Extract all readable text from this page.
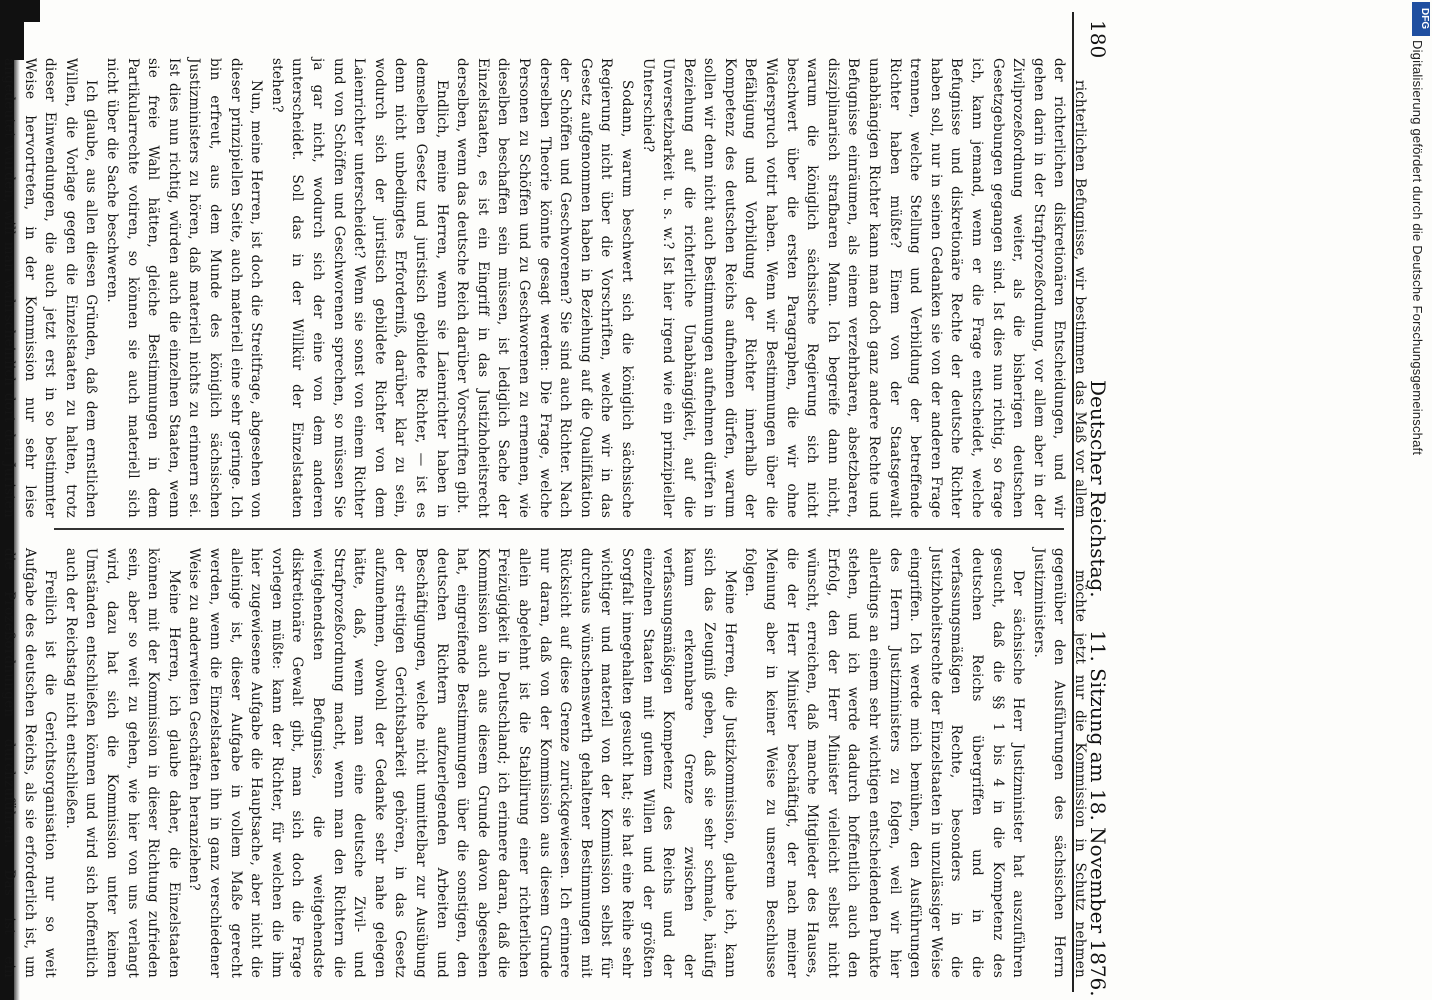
180
Deutscher Reichstag.
11. Sitzung am 18. November 1876.

möchte jetzt nur die Kommission in Schutz nehmen gegenüber den Ausführungen des sächsischen Herrn Justizministers.

Der sächsische Herr Justizminister hat auszuführen gesucht, daß die §§ 1 bis 4 in die Kompetenz des deutschen Reichs übergriffen und in die verfassungsmäßigen Rechte, besonders in die Justizhoheitsrechte der Einzelstaaten in unzulässiger Weise eingriffen. Ich werde mich bemühen, den Ausführungen des Herrn Justizministers zu folgen, weil wir hier allerdings an einem sehr wichtigen entscheidenden Punkte stehen, und ich werde dadurch hoffentlich auch den Erfolg, den der Herr Minister vielleicht selbst nicht wünscht, erreichen, daß manche Mitglieder des Hauses, die der Herr Minister beschäftigt, der nach meiner Meinung aber in keiner Weise zu unserem Beschlusse folgen.

Meine Herren, die Justizkommission, glaube ich, kann sich das Zeugniß geben, daß sie sehr schmale, häufig kaum erkennbare Grenze zwischen der verfassungsmäßigen Kompetenz des Reichs und der einzelnen Staaten mit gutem Willen und der größten Sorgfalt innegehalten gesucht hat; sie hat eine Reihe sehr wichtiger und materiell von der Kommission selbst für durchaus wünschenswerth gehaltener Bestimmungen mit Rücksicht auf diese Grenze zurückgewiesen. Ich erinnere nur daran, daß von der Kommission aus diesem Grunde allein abgelehnt ist die Stabilirung einer richterlichen Freizügigkeit in Deutschland; ich erinnere daran, daß die Kommission auch aus diesem Grunde davon abgesehen hat, eingreifende Bestimmungen über die sonstigen, den deutschen Richtern aufzuerlegenden Arbeiten und Beschäftigungen, welche nicht unmittelbar zur Ausübung der streitigen Gerichtsbarkeit gehören, in das Gesetz aufzunehmen, obwohl der Gedanke sehr nahe gelegen hätte, daß, wenn man eine deutsche Zivil- und Strafprozeßordnung macht, wenn man den Richtern die weitgehendsten Befugnisse, die weitgehendste diskretionäre Gewalt gibt, man sich doch die Frage vorlegen müßte: kann der Richter, für welchen die ihm hier zugewiesene Aufgabe die Hauptsache, aber nicht die alleinige ist, dieser Aufgabe in vollem Maße gerecht werden, wenn die Einzelstaaten ihn in ganz verschiedener Weise zu anderweiten Geschäften heranziehen?

Meine Herren, ich glaube daher, die Einzelstaaten können mit der Kommission in dieser Richtung zufrieden sein, aber so weit zu gehen, wie hier von uns verlangt wird, dazu hat sich die Kommission unter keinen Umständen entschließen können und wird sich hoffentlich auch der Reichstag nicht entschließen.

Freilich ist die Gerichtsorganisation nur so weit Aufgabe des deutschen Reichs, als sie erforderlich ist, um die Prozeßordnungen durchzuführen. Das ist ein

richterlichen Befugnisse, wir bestimmen das Maß vor allem der richterlichen diskretionären Entscheidungen, und wir gehen darin in der Strafprozeßordnung, vor allem aber in der Zivilprozeßordnung weiter, als die bisherigen deutschen Gesetzgebungen gegangen sind. Ist dies nun richtig, so frage ich, kann jemand, wenn er die Frage entscheidet, welche Befugnisse und diskretionäre Rechte der deutsche Richter haben soll, nur in seinen Gedanken sie von der anderen Frage trennen, welche Stellung und Verbildung der betreffende Richter haben müßte? Einem von der Staatsgewalt unabhängigen Richter kann man doch ganz andere Rechte und Befugnisse einräumen, als einem verzehrbaren, absetzbaren, disziplinarisch strafbaren Mann. Ich begreife dann nicht, warum die königlich sächsische Regierung sich nicht beschwert über die ersten Paragraphen, die wir ohne Widerspruch votirt haben. Wenn wir Bestimmungen über die Befähigung und Vorbildung der Richter innerhalb der Kompetenz des deutschen Reichs aufnehmen dürfen, warum sollen wir denn nicht auch Bestimmungen aufnehmen dürfen in Beziehung auf die richterliche Unabhängigkeit, auf die Unversetzbarkeit u. s. w.? Ist hier irgend wie ein prinzipieller Unterschied?

Sodann, warum beschwert sich die königlich sächsische Regierung nicht über die Vorschriften, welche wir in das Gesetz aufgenommen haben in Beziehung auf die Qualifikation der Schöffen und Geschworenen? Sie sind auch Richter. Nach derselben Theorie könnte gesagt werden: Die Frage, welche Personen zu Schöffen und zu Geschworenen zu ernennen, wie dieselben beschaffen sein müssen, ist lediglich Sache der Einzelstaaten, es ist ein Eingriff in das Justizhoheitsrecht derselben, wenn das deutsche Reich darüber Vorschriften gibt.

Endlich, meine Herren, wenn sie Laienrichter haben in demselben Gesetz und juristisch gebildete Richter, — ist es denn nicht unbedingtes Erforderniß, darüber klar zu sein, wodurch sich der juristisch gebildete Richter von dem Laienrichter unterscheidet? Wenn sie sonst von einem Richter und von Schöffen und Geschworenen sprechen, so müssen Sie ja gar nicht, wodurch sich der eine von dem anderen unterscheidet. Soll das in der Willkür der Einzelstaaten stehen?

Nun, meine Herren, ist doch die Streitfrage, abgesehen von dieser prinzipiellen Seite, auch materiell eine sehr geringe. Ich bin erfreut, aus dem Munde des königlich sächsischen Justizministers zu hören, daß materiell nichts zu erinnern sei. Ist dies nun richtig, würden auch die einzelnen Staaten, wenn sie freie Wahl hätten, gleiche Bestimmungen in dem Partikularrechte votiren, so können sie auch materiell sich nicht über die Sache beschweren.

Ich glaube, aus allen diesen Gründen, daß dem ernstlichen Willen, die Vorlage gegen die Einzelstaaten zu halten, trotz dieser Einwendungen, die auch jetzt erst in so bestimmter Weise hervortreten, in der Kommission nur sehr leise angedeutet wurden, will man wahrscheinlich dort den Juristen

DFG
Digitalisierung gefördert durch die Deutsche Forschungsgemeinschaft
